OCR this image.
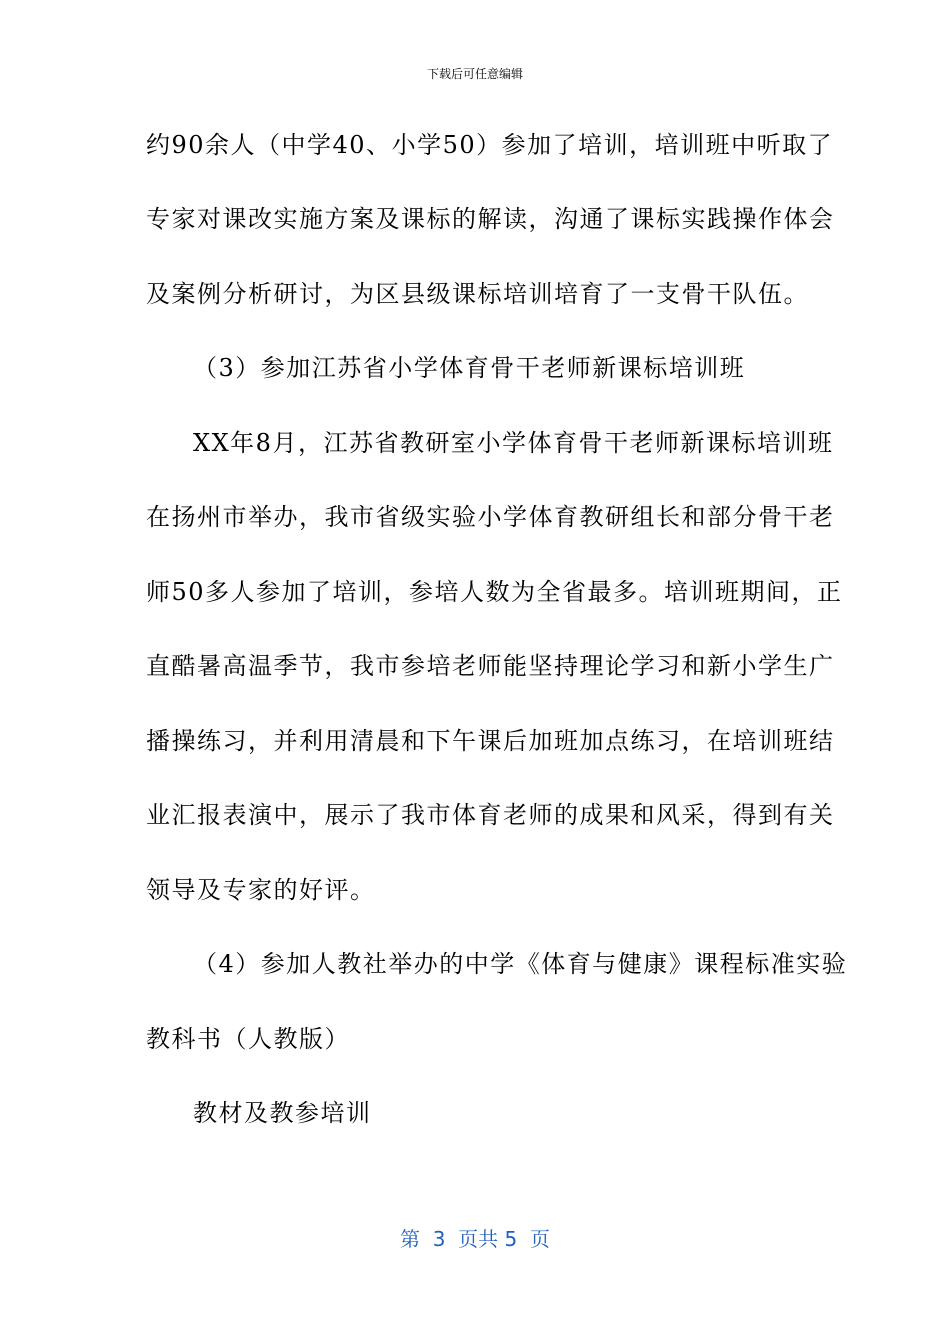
下载后可任意编辑
约90余人（中学40、小学50）参加了培训，培训班中听取了
专家对课改实施方案及课标的解读，沟通了课标实践操作体会
及案例分析研讨，为区县级课标培训培育了一支骨干队伍。
（3）参加江苏省小学体育骨干老师新课标培训班
XX年8月，江苏省教研室小学体育骨干老师新课标培训班
在扬州市举办，我市省级实验小学体育教研组长和部分骨干老
师50多人参加了培训，参培人数为全省最多。培训班期间，正
直酷暑高温季节，我市参培老师能坚持理论学习和新小学生广
播操练习，并利用清晨和下午课后加班加点练习，在培训班结
业汇报表演中，展示了我市体育老师的成果和风采，得到有关
领导及专家的好评。
（4）参加人教社举办的中学《体育与健康》课程标准实验
教科书（人教版）
教材及教参培训
第  3  页共 5  页
